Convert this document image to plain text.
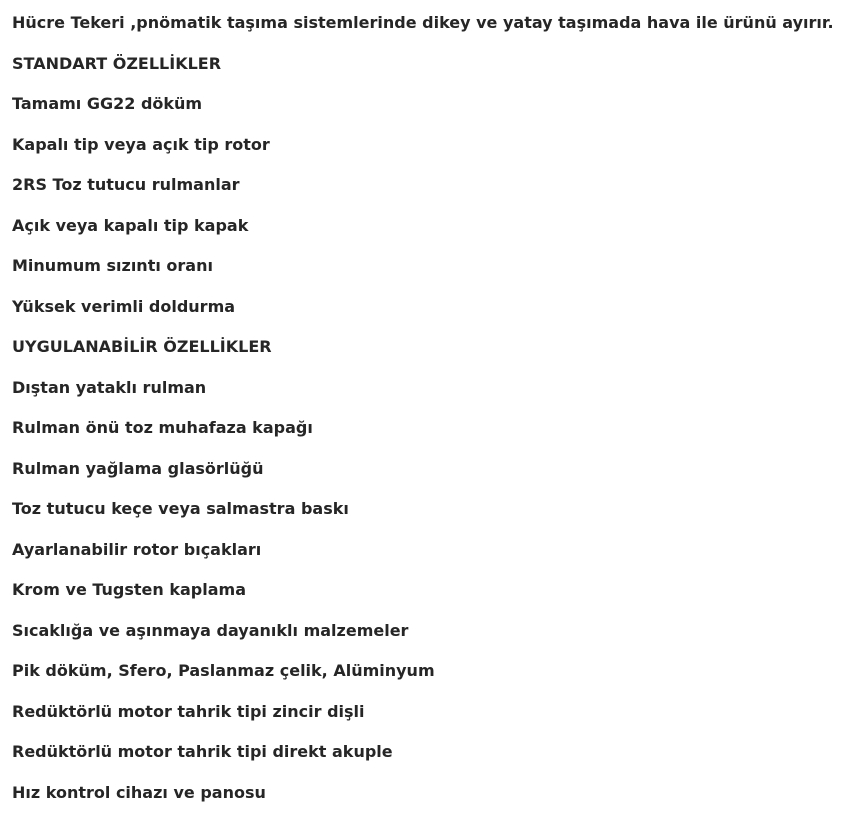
Hücre Tekeri ,pnömatik taşıma sistemlerinde dikey ve yatay taşımada hava ile ürünü ayırır.
STANDART ÖZELLİKLER
Tamamı GG22 döküm
Kapalı tip veya açık tip rotor
2RS Toz tutucu rulmanlar
Açık veya kapalı tip kapak
Minumum sızıntı oranı
Yüksek verimli doldurma
UYGULANABİLİR ÖZELLİKLER
Dıştan yataklı rulman
Rulman önü toz muhafaza kapağı
Rulman yağlama glasörlüğü
Toz tutucu keçe veya salmastra baskı
Ayarlanabilir rotor bıçakları
Krom ve Tugsten kaplama
Sıcaklığa ve aşınmaya dayanıklı malzemeler
Pik döküm, Sfero, Paslanmaz çelik, Alüminyum
Redüktörlü motor tahrik tipi zincir dişli
Redüktörlü motor tahrik tipi direkt akuple
Hız kontrol cihazı ve panosu
